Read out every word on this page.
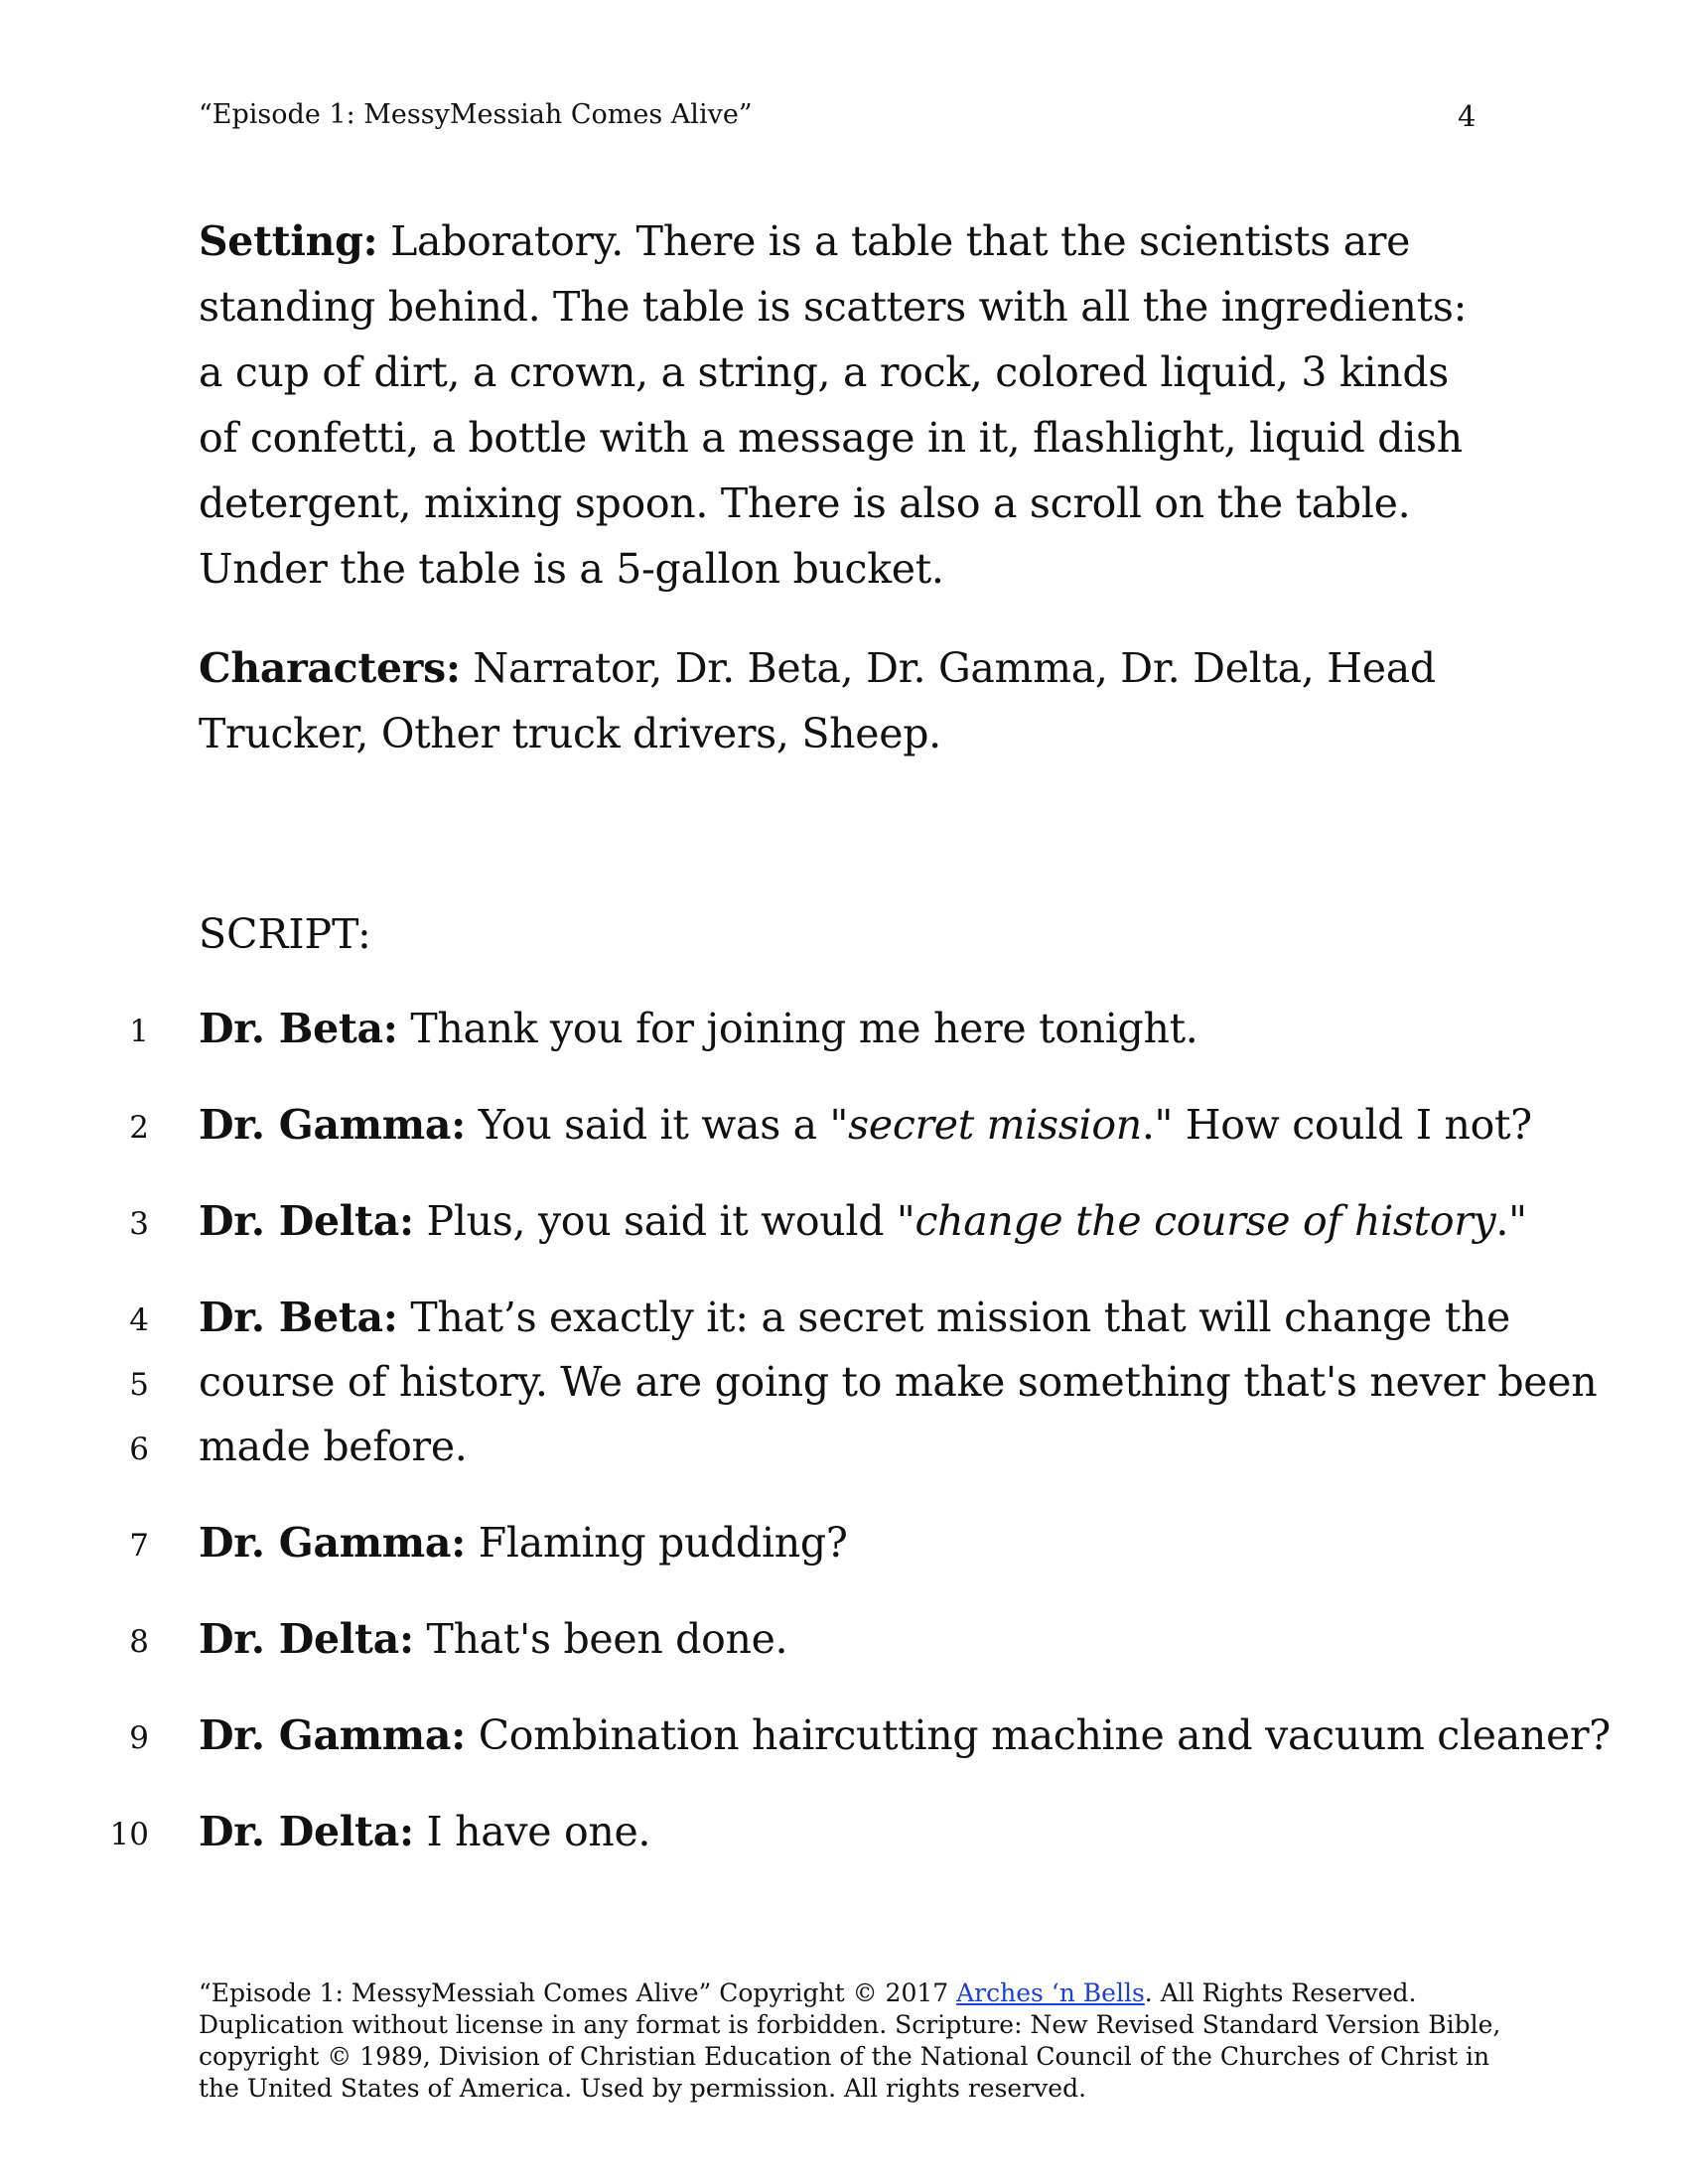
“Episode 1: MessyMessiah Comes Alive”	4
Setting: Laboratory. There is a table that the scientists are standing behind. The table is scatters with all the ingredients: a cup of dirt, a crown, a string, a rock, colored liquid, 3 kinds of confetti, a bottle with a message in it, flashlight, liquid dish detergent, mixing spoon. There is also a scroll on the table. Under the table is a 5-gallon bucket.
Characters: Narrator, Dr. Beta, Dr. Gamma, Dr. Delta, Head Trucker, Other truck drivers, Sheep.
SCRIPT:
1 Dr. Beta: Thank you for joining me here tonight.
2 Dr. Gamma: You said it was a "secret mission." How could I not?
3 Dr. Delta: Plus, you said it would "change the course of history."
4 Dr. Beta: That’s exactly it: a secret mission that will change the
5 course of history. We are going to make something that's never been
6 made before.
7 Dr. Gamma: Flaming pudding?
8 Dr. Delta: That's been done.
9 Dr. Gamma: Combination haircutting machine and vacuum cleaner?
10 Dr. Delta: I have one.
“Episode 1: MessyMessiah Comes Alive” Copyright © 2017 Arches ‘n Bells. All Rights Reserved. Duplication without license in any format is forbidden. Scripture: New Revised Standard Version Bible, copyright © 1989, Division of Christian Education of the National Council of the Churches of Christ in the United States of America. Used by permission. All rights reserved.
